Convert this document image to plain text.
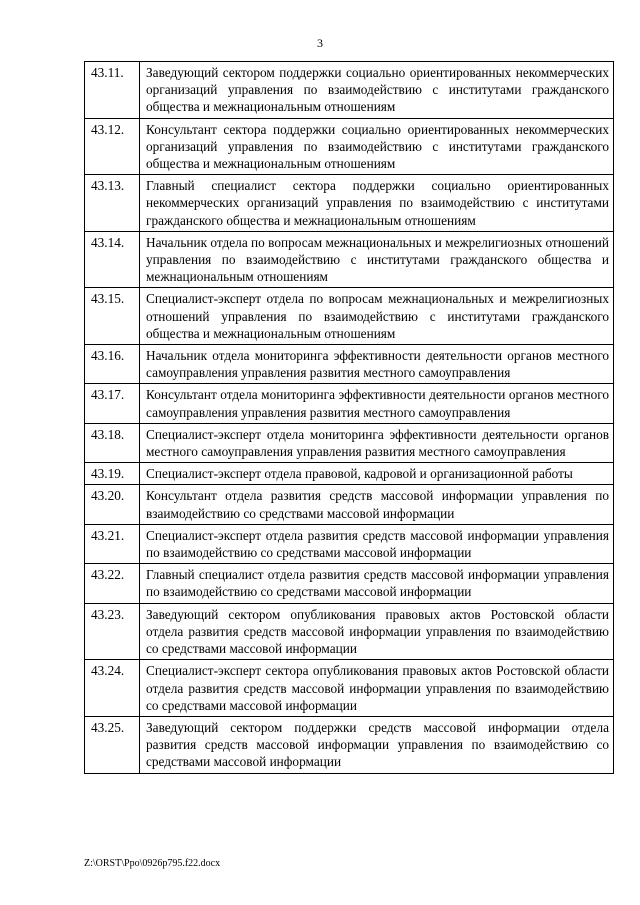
3
43.11.	Заведующий сектором поддержки социально ориентированных некоммерческих организаций управления по взаимодействию с институтами гражданского общества и межнациональным отношениям
43.12.	Консультант сектора поддержки социально ориентированных некоммерческих организаций управления по взаимодействию с институтами гражданского общества и межнациональным отношениям
43.13.	Главный специалист сектора поддержки социально ориентированных некоммерческих организаций управления по взаимодействию с институтами гражданского общества и межнациональным отношениям
43.14.	Начальник отдела по вопросам межнациональных и межрелигиозных отношений управления по взаимодействию с институтами гражданского общества и межнациональным отношениям
43.15.	Специалист-эксперт отдела по вопросам межнациональных и межрелигиозных отношений управления по взаимодействию с институтами гражданского общества и межнациональным отношениям
43.16.	Начальник отдела мониторинга эффективности деятельности органов местного самоуправления управления развития местного самоуправления
43.17.	Консультант отдела мониторинга эффективности деятельности органов местного самоуправления управления развития местного самоуправления
43.18.	Специалист-эксперт отдела мониторинга эффективности деятельности органов местного самоуправления управления развития местного самоуправления
43.19.	Специалист-эксперт отдела правовой, кадровой и организационной работы
43.20.	Консультант отдела развития средств массовой информации управления по взаимодействию со средствами массовой информации
43.21.	Специалист-эксперт отдела развития средств массовой информации управления по взаимодействию со средствами массовой информации
43.22.	Главный специалист отдела развития средств массовой информации управления по взаимодействию со средствами массовой информации
43.23.	Заведующий сектором опубликования правовых актов Ростовской области отдела развития средств массовой информации управления по взаимодействию со средствами массовой информации
43.24.	Специалист-эксперт сектора опубликования правовых актов Ростовской области отдела развития средств массовой информации управления по взаимодействию со средствами массовой информации
43.25.	Заведующий сектором поддержки средств массовой информации отдела развития средств массовой информации управления по взаимодействию со средствами массовой информации
Z:\ORST\Ppo\0926p795.f22.docx
